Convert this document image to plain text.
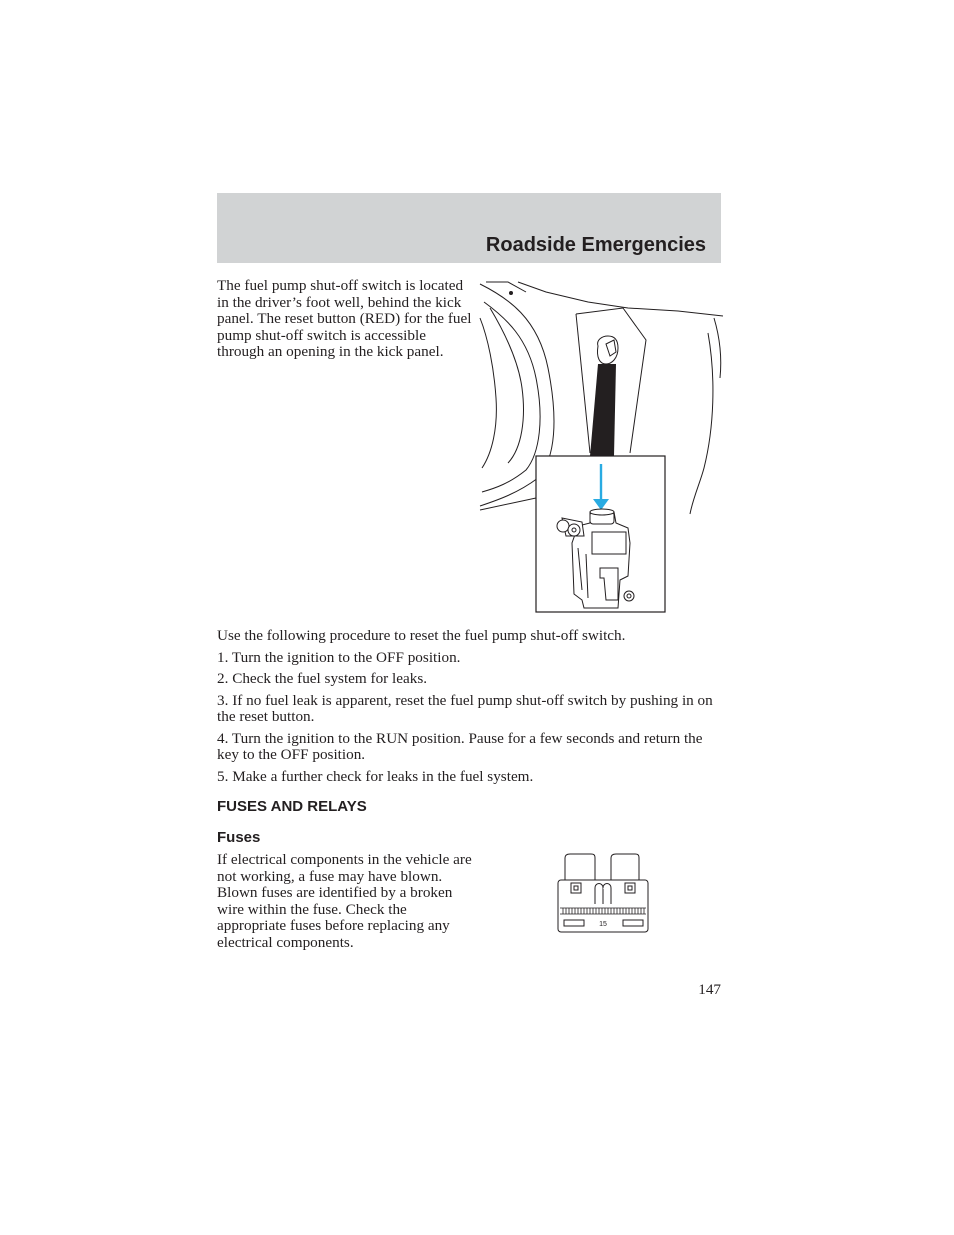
Roadside Emergencies

The fuel pump shut-off switch is located in the driver’s foot well, behind the kick panel. The reset button (RED) for the fuel pump shut-off switch is accessible through an opening in the kick panel.

Use the following procedure to reset the fuel pump shut-off switch.

1. Turn the ignition to the OFF position.

2. Check the fuel system for leaks.

3. If no fuel leak is apparent, reset the fuel pump shut-off switch by pushing in on the reset button.

4. Turn the ignition to the RUN position. Pause for a few seconds and return the key to the OFF position.

5. Make a further check for leaks in the fuel system.

FUSES AND RELAYS
Fuses

If electrical components in the vehicle are not working, a fuse may have blown. Blown fuses are identified by a broken wire within the fuse. Check the appropriate fuses before replacing any electrical components.

15
147
